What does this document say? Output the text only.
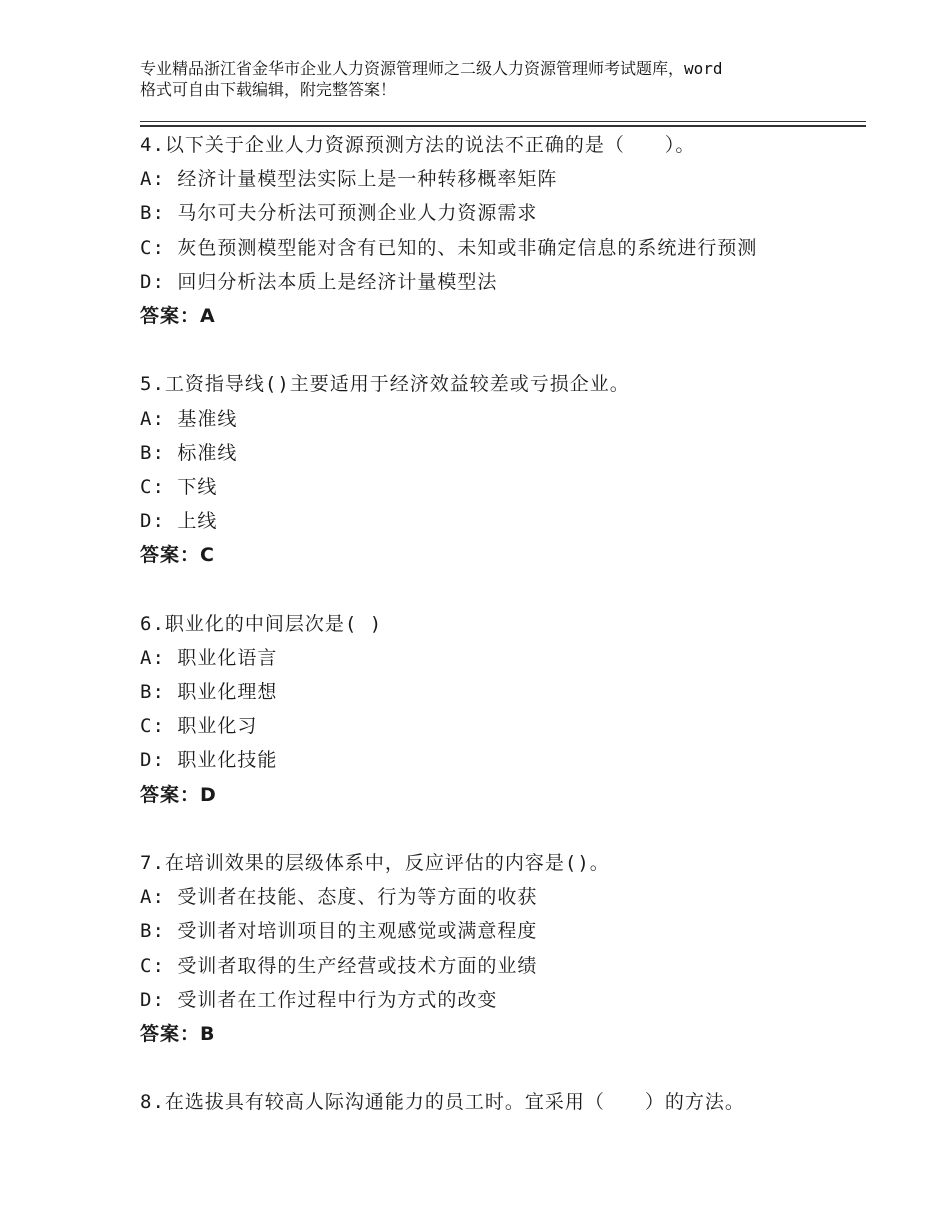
专业精品浙江省金华市企业人力资源管理师之二级人力资源管理师考试题库，word
格式可自由下载编辑，附完整答案！
4.以下关于企业人力资源预测方法的说法不正确的是（　　）。
A: 经济计量模型法实际上是一种转移概率矩阵
B: 马尔可夫分析法可预测企业人力资源需求
C: 灰色预测模型能对含有已知的、未知或非确定信息的系统进行预测
D: 回归分析法本质上是经济计量模型法
答案：A
5.工资指导线()主要适用于经济效益较差或亏损企业。
A: 基准线
B: 标准线
C: 下线
D: 上线
答案：C
6.职业化的中间层次是( )
A: 职业化语言
B: 职业化理想
C: 职业化习
D: 职业化技能
答案：D
7.在培训效果的层级体系中，反应评估的内容是()。
A: 受训者在技能、态度、行为等方面的收获
B: 受训者对培训项目的主观感觉或满意程度
C: 受训者取得的生产经营或技术方面的业绩
D: 受训者在工作过程中行为方式的改变
答案：B
8.在选拔具有较高人际沟通能力的员工时。宜采用（　　）的方法。
